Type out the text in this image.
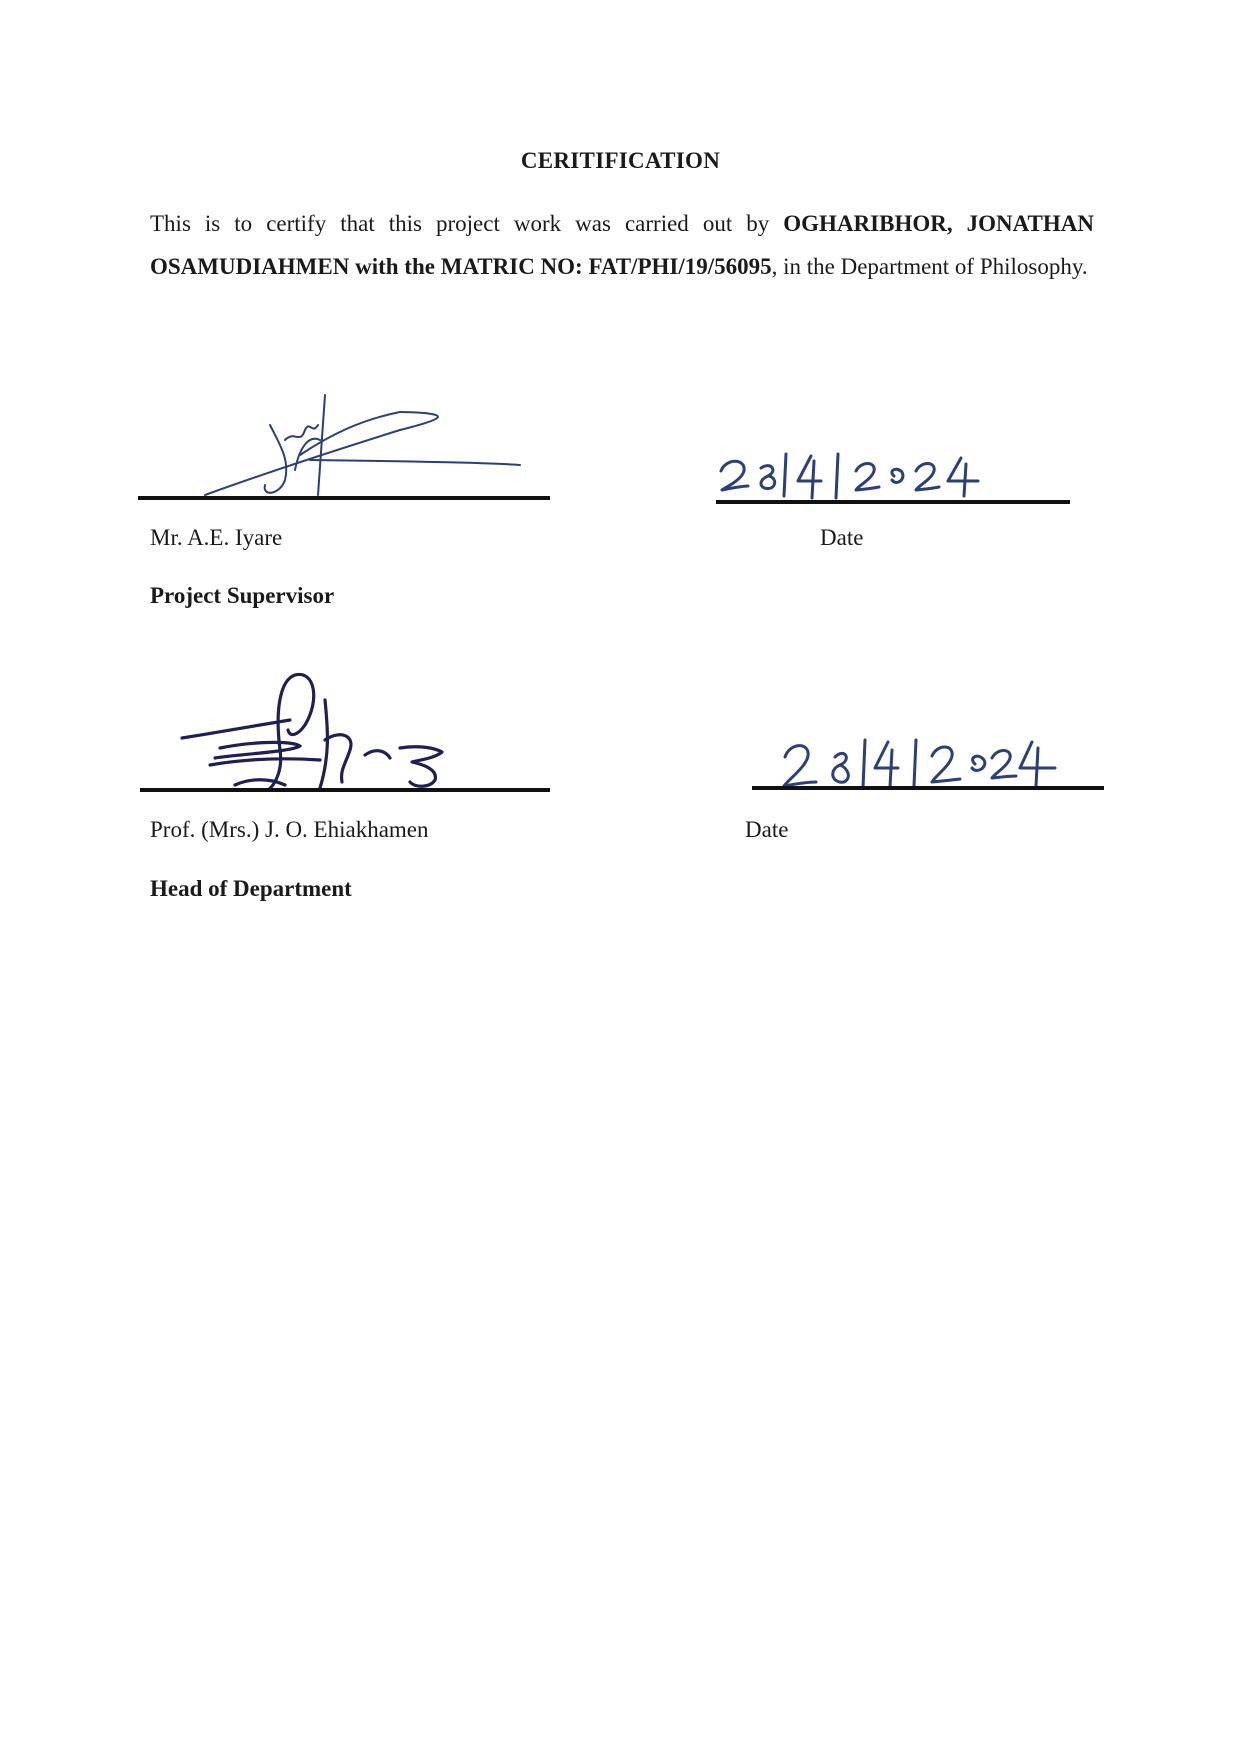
CERITIFICATION
This is to certify that this project work was carried out by OGHARIBHOR, JONATHAN OSAMUDIAHMEN with the MATRIC NO: FAT/PHI/19/56095, in the Department of Philosophy.
Mr. A.E. Iyare	Date
Project Supervisor
Prof. (Mrs.) J. O. Ehiakhamen	Date
Head of Department
